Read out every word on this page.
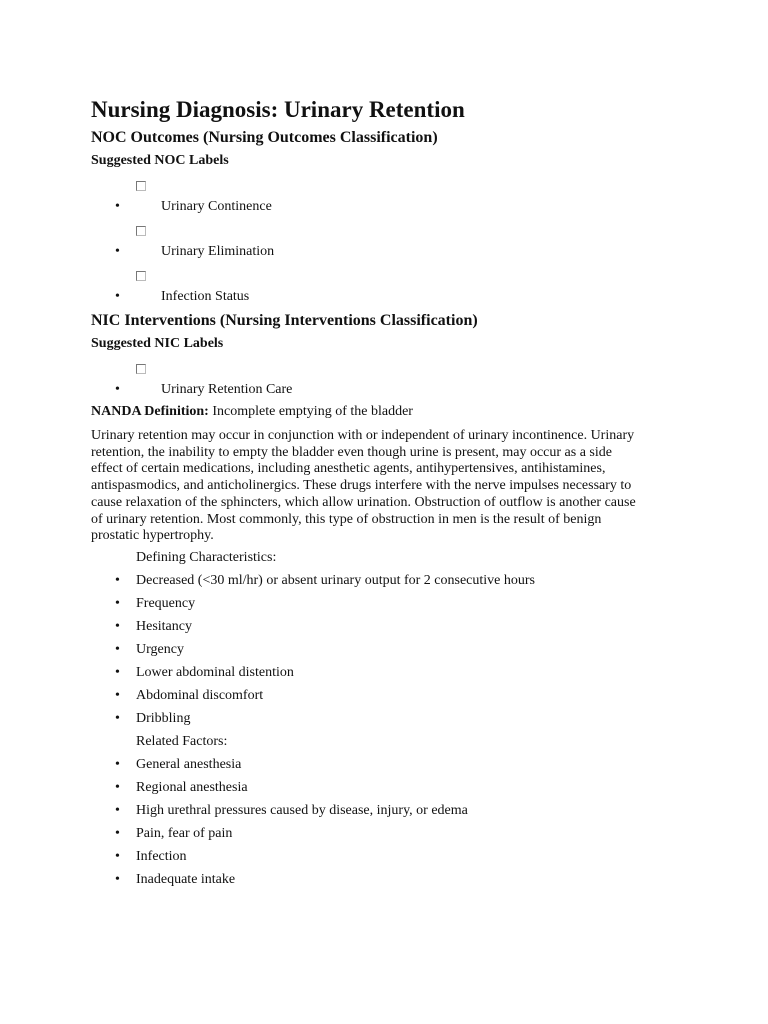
Nursing Diagnosis: Urinary Retention
NOC Outcomes (Nursing Outcomes Classification)
Suggested NOC Labels
•	Urinary Continence
•	Urinary Elimination
•	Infection Status
NIC Interventions (Nursing Interventions Classification)
Suggested NIC Labels
•	Urinary Retention Care
NANDA Definition: Incomplete emptying of the bladder
Urinary retention may occur in conjunction with or independent of urinary incontinence. Urinary
retention, the inability to empty the bladder even though urine is present, may occur as a side
effect of certain medications, including anesthetic agents, antihypertensives, antihistamines,
antispasmodics, and anticholinergics. These drugs interfere with the nerve impulses necessary to
cause relaxation of the sphincters, which allow urination. Obstruction of outflow is another cause
of urinary retention. Most commonly, this type of obstruction in men is the result of benign
prostatic hypertrophy.
Defining Characteristics:
• Decreased (<30 ml/hr) or absent urinary output for 2 consecutive hours
• Frequency
• Hesitancy
• Urgency
• Lower abdominal distention
• Abdominal discomfort
• Dribbling
Related Factors:
• General anesthesia
• Regional anesthesia
• High urethral pressures caused by disease, injury, or edema
• Pain, fear of pain
• Infection
• Inadequate intake
